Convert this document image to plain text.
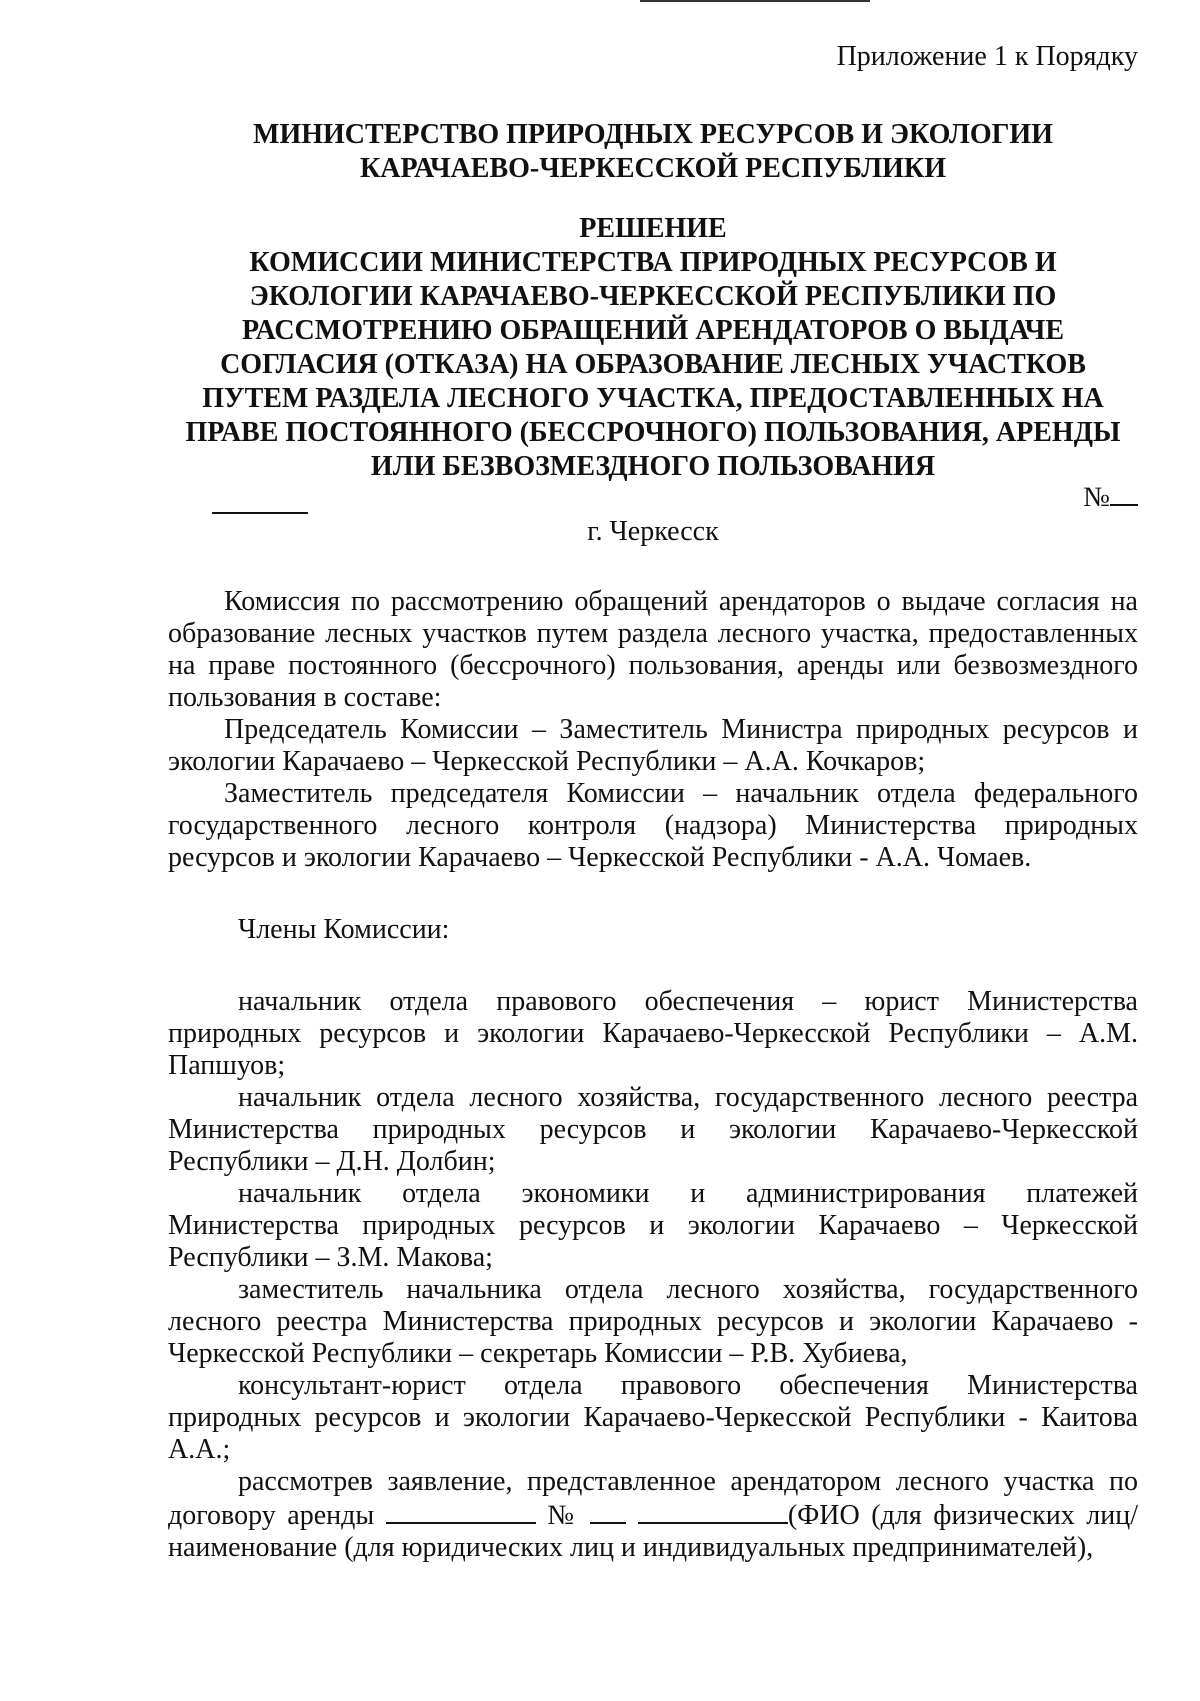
Приложение 1 к Порядку

МИНИСТЕРСТВО ПРИРОДНЫХ РЕСУРСОВ И ЭКОЛОГИИ
КАРАЧАЕВО-ЧЕРКЕССКОЙ РЕСПУБЛИКИ
РЕШЕНИЕ
КОМИССИИ МИНИСТЕРСТВА ПРИРОДНЫХ РЕСУРСОВ И
ЭКОЛОГИИ КАРАЧАЕВО-ЧЕРКЕССКОЙ РЕСПУБЛИКИ ПО
РАССМОТРЕНИЮ ОБРАЩЕНИЙ АРЕНДАТОРОВ О ВЫДАЧЕ
СОГЛАСИЯ (ОТКАЗА) НА ОБРАЗОВАНИЕ ЛЕСНЫХ УЧАСТКОВ
ПУТЕМ РАЗДЕЛА ЛЕСНОГО УЧАСТКА, ПРЕДОСТАВЛЕННЫХ НА
ПРАВЕ ПОСТОЯННОГО (БЕССРОЧНОГО) ПОЛЬЗОВАНИЯ, АРЕНДЫ
ИЛИ БЕЗВОЗМЕЗДНОГО ПОЛЬЗОВАНИЯ
№
г. Черкесск

Комиссия по рассмотрению обращений арендаторов о выдаче согласия на образование лесных участков путем раздела лесного участка, предоставленных на праве постоянного (бессрочного) пользования, аренды или безвозмездного пользования в составе:

Председатель Комиссии – Заместитель Министра природных ресурсов и экологии Карачаево – Черкесской Республики – А.А. Кочкаров;

Заместитель председателя Комиссии – начальник отдела федерального государственного лесного контроля (надзора) Министерства природных ресурсов и экологии Карачаево – Черкесской Республики - А.А. Чомаев.

Члены Комиссии:

начальник отдела правового обеспечения – юрист Министерства природных ресурсов и экологии Карачаево-Черкесской Республики – А.М. Папшуов;

начальник отдела лесного хозяйства, государственного лесного реестра Министерства природных ресурсов и экологии Карачаево-Черкесской Республики – Д.Н. Долбин;

начальник отдела экономики и администрирования платежей Министерства природных ресурсов и экологии Карачаево – Черкесской Республики – З.М. Макова;

заместитель начальника отдела лесного хозяйства, государственного лесного реестра Министерства природных ресурсов и экологии Карачаево - Черкесской Республики – секретарь Комиссии – Р.В. Хубиева,

консультант-юрист отдела правового обеспечения Министерства природных ресурсов и экологии Карачаево-Черкесской Республики - Каитова А.А.;

рассмотрев заявление, представленное арендатором лесного участка по договору аренды	№	(ФИО (для физических лиц/наименование (для юридических лиц и индивидуальных предпринимателей),
